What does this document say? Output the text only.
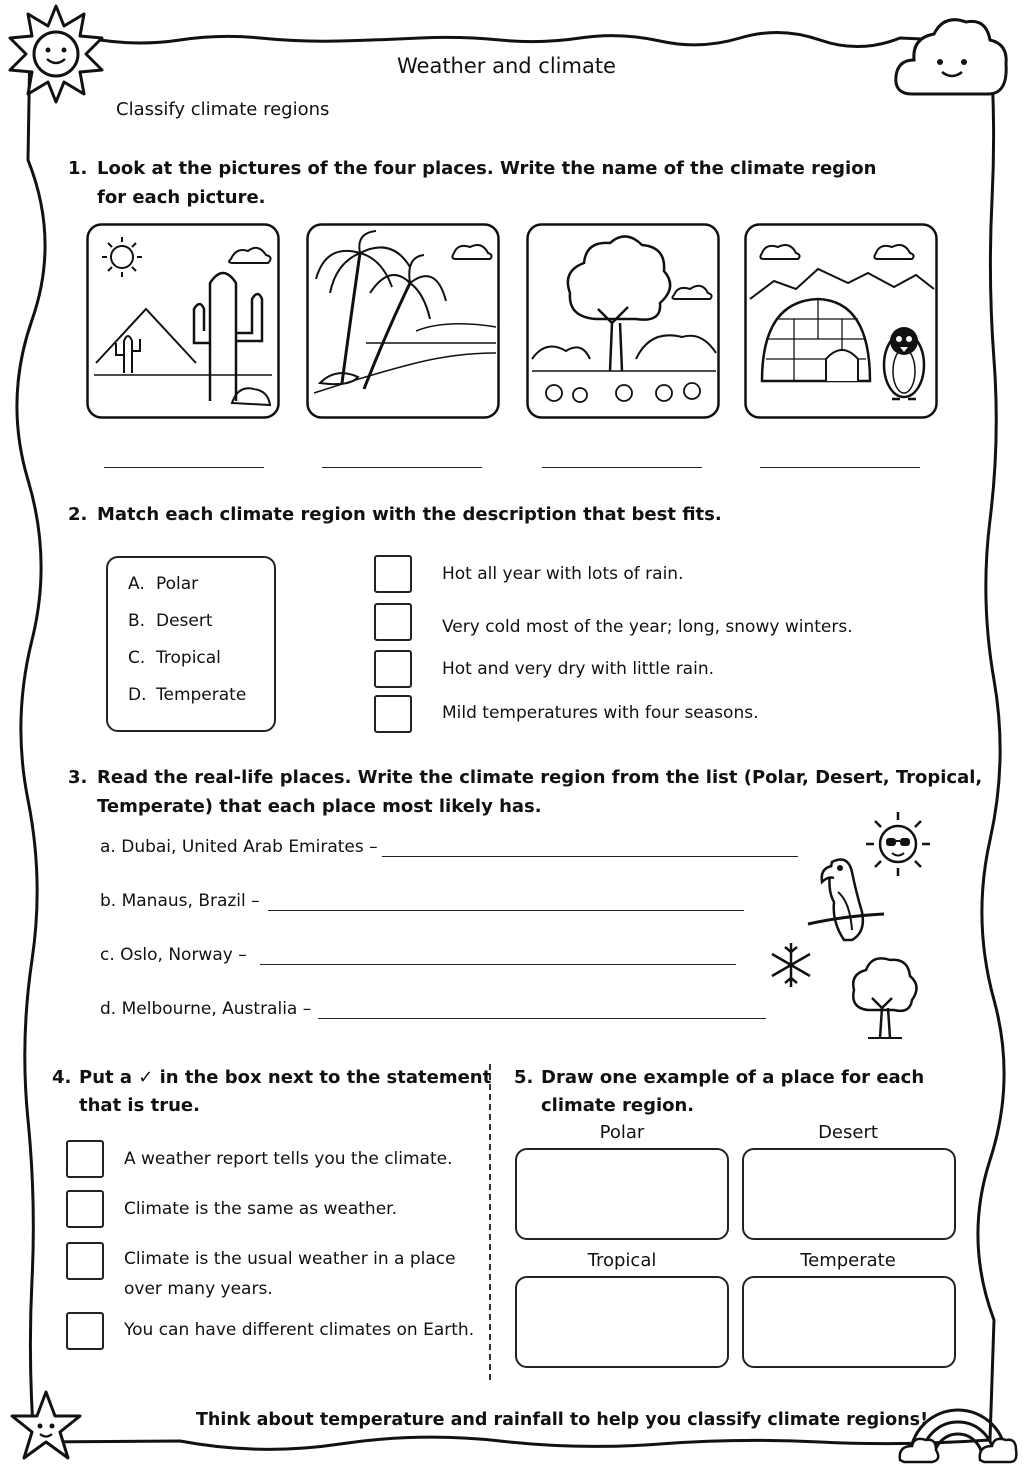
Weather and climate
Classify climate regions
1. Look at the pictures of the four places. Write the name of the climate region
for each picture.
2. Match each climate region with the description that best fits.
A. Polar
B. Desert
C. Tropical
D. Temperate
Hot all year with lots of rain.
Very cold most of the year; long, snowy winters.
Hot and very dry with little rain.
Mild temperatures with four seasons.
3. Read the real-life places. Write the climate region from the list (Polar, Desert, Tropical,
Temperate) that each place most likely has.
a. Dubai, United Arab Emirates –
b. Manaus, Brazil –
c. Oslo, Norway –
d. Melbourne, Australia –
4. Put a ✓ in the box next to the statement
that is true.
A weather report tells you the climate.
Climate is the same as weather.
Climate is the usual weather in a place
over many years.
You can have different climates on Earth.
5. Draw one example of a place for each
climate region.
Polar	Desert
Tropical	Temperate
Think about temperature and rainfall to help you classify climate regions!
